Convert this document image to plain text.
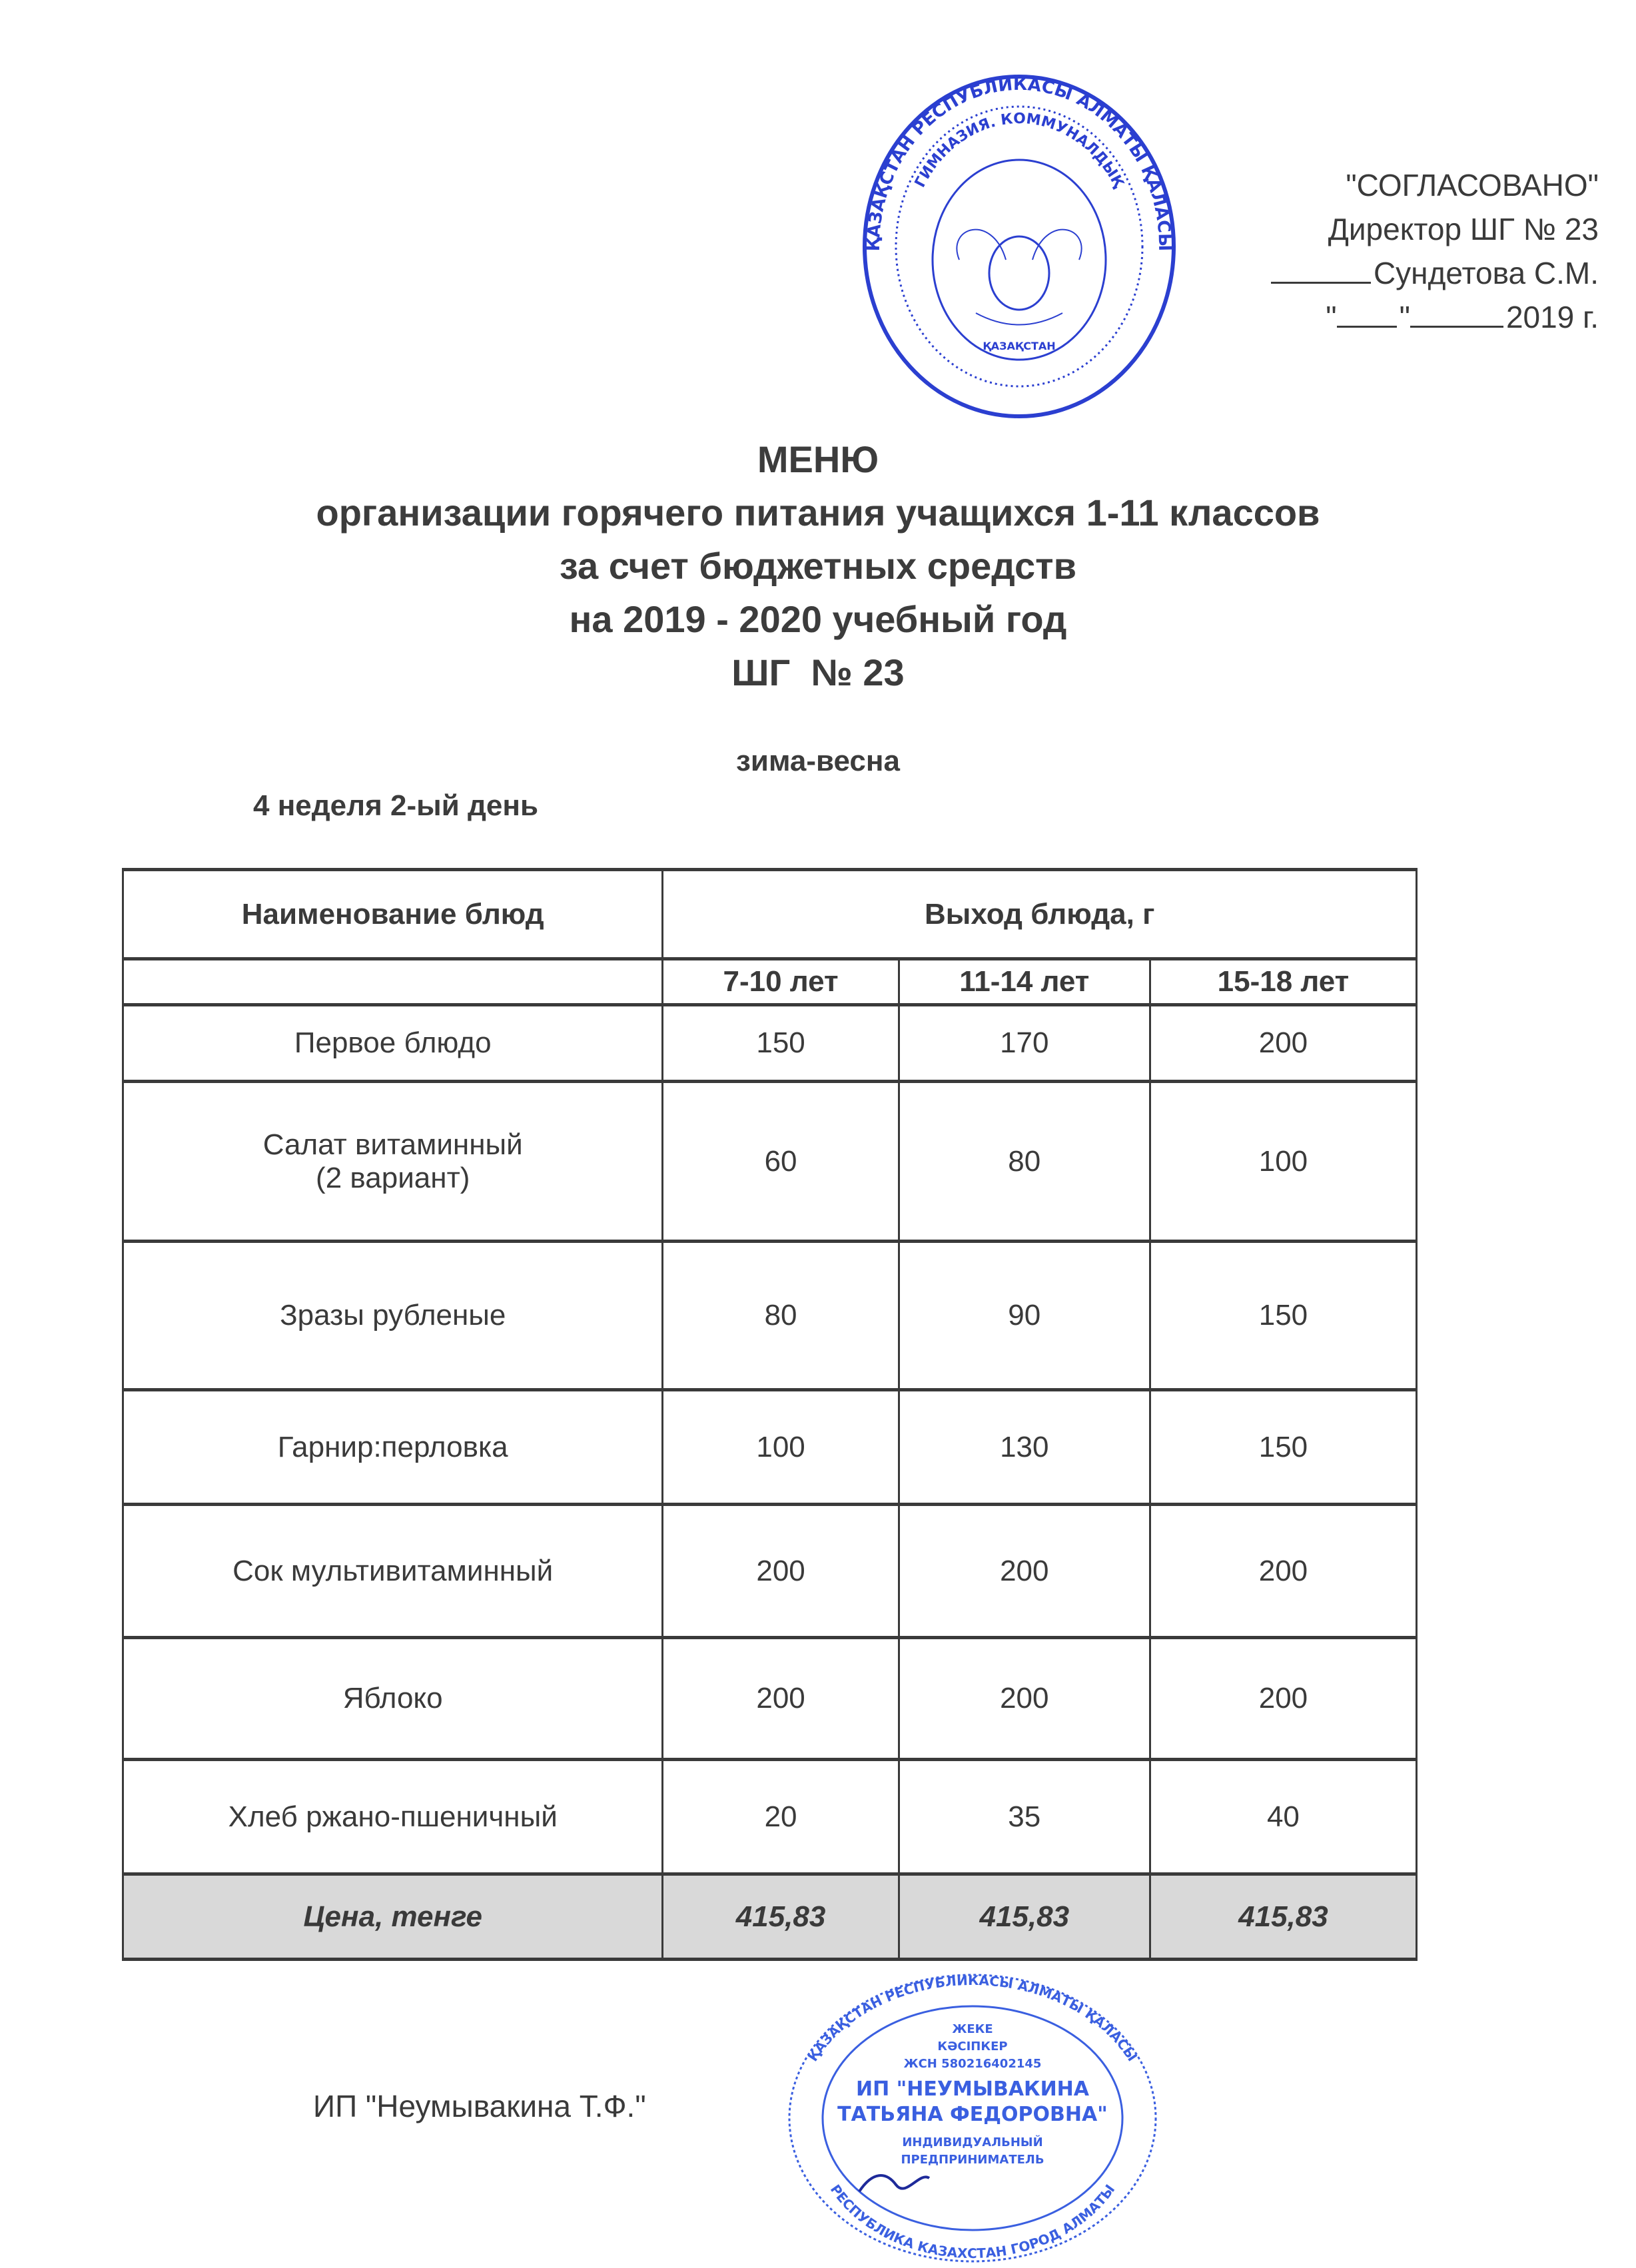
ҚАЗАҚСТАН РЕСПУБЛИКАСЫ АЛМАТЫ ҚАЛАСЫ
ГИМНАЗИЯ. КОММУНАЛДЫҚ
ҚАЗАҚСТАН
"СОГЛАСОВАНО"
Директор ШГ № 23
Сундетова С.М.
" "	2019 г.
МЕНЮ
организации горячего питания учащихся 1-11 классов
за счет бюджетных средств
на 2019 - 2020 учебный год
ШГ  № 23
зима-весна
4 неделя 2-ый день
Наименование блюд	Выход блюда, г		
	7-10 лет	11-14 лет	15-18 лет
Первое блюдо	150	170	200

Салат витаминный
(2 вариант)	60	80	100
Зразы рубленые	80	90	150
Гарнир:перловка	100	130	150
Сок мультивитаминный	200	200	200
Яблоко	200	200	200
Хлеб ржано-пшеничный	20	35	40
Цена, тенге	415,83	415,83	415,83
ИП "Неумывакина Т.Ф."
ҚАЗАҚСТАН РЕСПУБЛИКАСЫ АЛМАТЫ ҚАЛАСЫ
РЕСПУБЛИКА КАЗАХСТАН ГОРОД АЛМАТЫ
ЖЕКЕ
КӘСІПКЕР
ЖСН 580216402145
ИП "НЕУМЫВАКИНА
ТАТЬЯНА ФЕДОРОВНА"
ИНДИВИДУАЛЬНЫЙ
ПРЕДПРИНИМАТЕЛЬ
